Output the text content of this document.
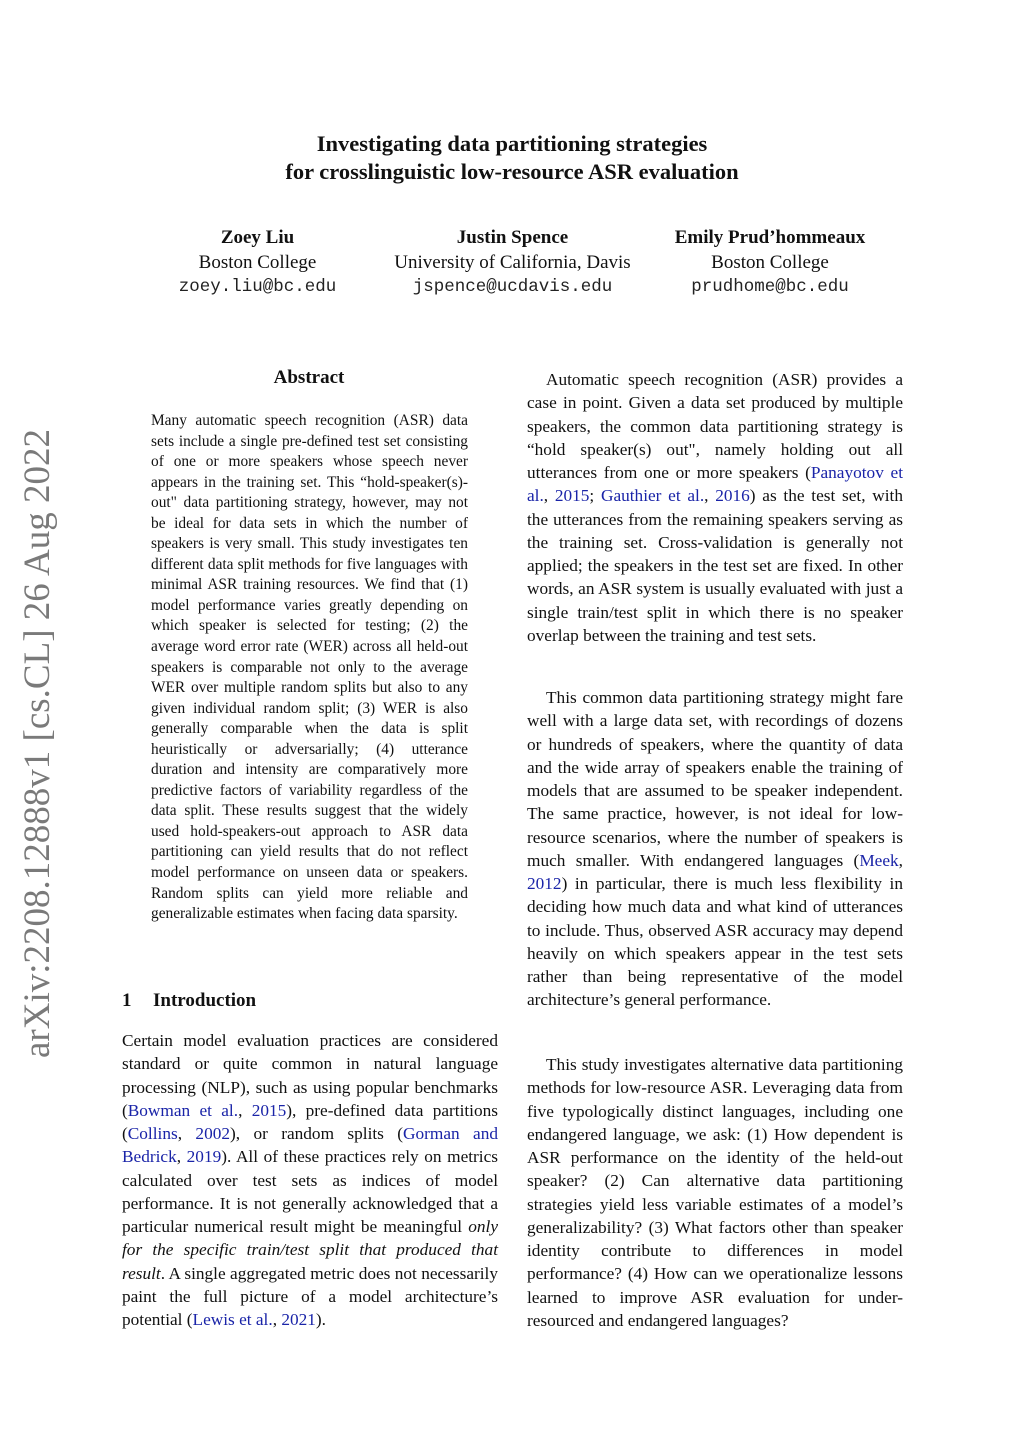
arXiv:2208.12888v1 [cs.CL] 26 Aug 2022
Investigating data partitioning strategies
for crosslinguistic low-resource ASR evaluation
Zoey Liu
Boston College
zoey.liu@bc.edu
Justin Spence
University of California, Davis
jspence@ucdavis.edu
Emily Prud’hommeaux
Boston College
prudhome@bc.edu
Abstract
Many automatic speech recognition (ASR) data sets include a single pre-defined test set consisting of one or more speakers whose speech never appears in the training set. This “hold-speaker(s)-out" data partitioning strategy, however, may not be ideal for data sets in which the number of speakers is very small. This study investigates ten different data split methods for five languages with minimal ASR training resources. We find that (1) model performance varies greatly depending on which speaker is selected for testing; (2) the average word error rate (WER) across all held-out speakers is comparable not only to the average WER over multiple random splits but also to any given individual random split; (3) WER is also generally comparable when the data is split heuristically or adversarially; (4) utterance duration and intensity are comparatively more predictive factors of variability regardless of the data split. These results suggest that the widely used hold-speakers-out approach to ASR data partitioning can yield results that do not reflect model performance on unseen data or speakers. Random splits can yield more reliable and generalizable estimates when facing data sparsity.
1 Introduction

Certain model evaluation practices are considered standard or quite common in natural language processing (NLP), such as using popular benchmarks (Bowman et al., 2015), pre-defined data partitions (Collins, 2002), or random splits (Gorman and Bedrick, 2019). All of these practices rely on metrics calculated over test sets as indices of model performance. It is not generally acknowledged that a particular numerical result might be meaningful only for the specific train/test split that produced that result. A single aggregated metric does not necessarily paint the full picture of a model architecture’s potential (Lewis et al., 2021).

Automatic speech recognition (ASR) provides a case in point. Given a data set produced by multiple speakers, the common data partitioning strategy is “hold speaker(s) out", namely holding out all utterances from one or more speakers (Panayotov et al., 2015; Gauthier et al., 2016) as the test set, with the utterances from the remaining speakers serving as the training set. Cross-validation is generally not applied; the speakers in the test set are fixed. In other words, an ASR system is usually evaluated with just a single train/test split in which there is no speaker overlap between the training and test sets.

This common data partitioning strategy might fare well with a large data set, with recordings of dozens or hundreds of speakers, where the quantity of data and the wide array of speakers enable the training of models that are assumed to be speaker independent. The same practice, however, is not ideal for low-resource scenarios, where the number of speakers is much smaller. With endangered languages (Meek, 2012) in particular, there is much less flexibility in deciding how much data and what kind of utterances to include. Thus, observed ASR accuracy may depend heavily on which speakers appear in the test sets rather than being representative of the model architecture’s general performance.

This study investigates alternative data partitioning methods for low-resource ASR. Leveraging data from five typologically distinct languages, including one endangered language, we ask: (1) How dependent is ASR performance on the identity of the held-out speaker? (2) Can alternative data partitioning strategies yield less variable estimates of a model’s generalizability? (3) What factors other than speaker identity contribute to differences in model performance? (4) How can we operationalize lessons learned to improve ASR evaluation for under-resourced and endangered languages?
